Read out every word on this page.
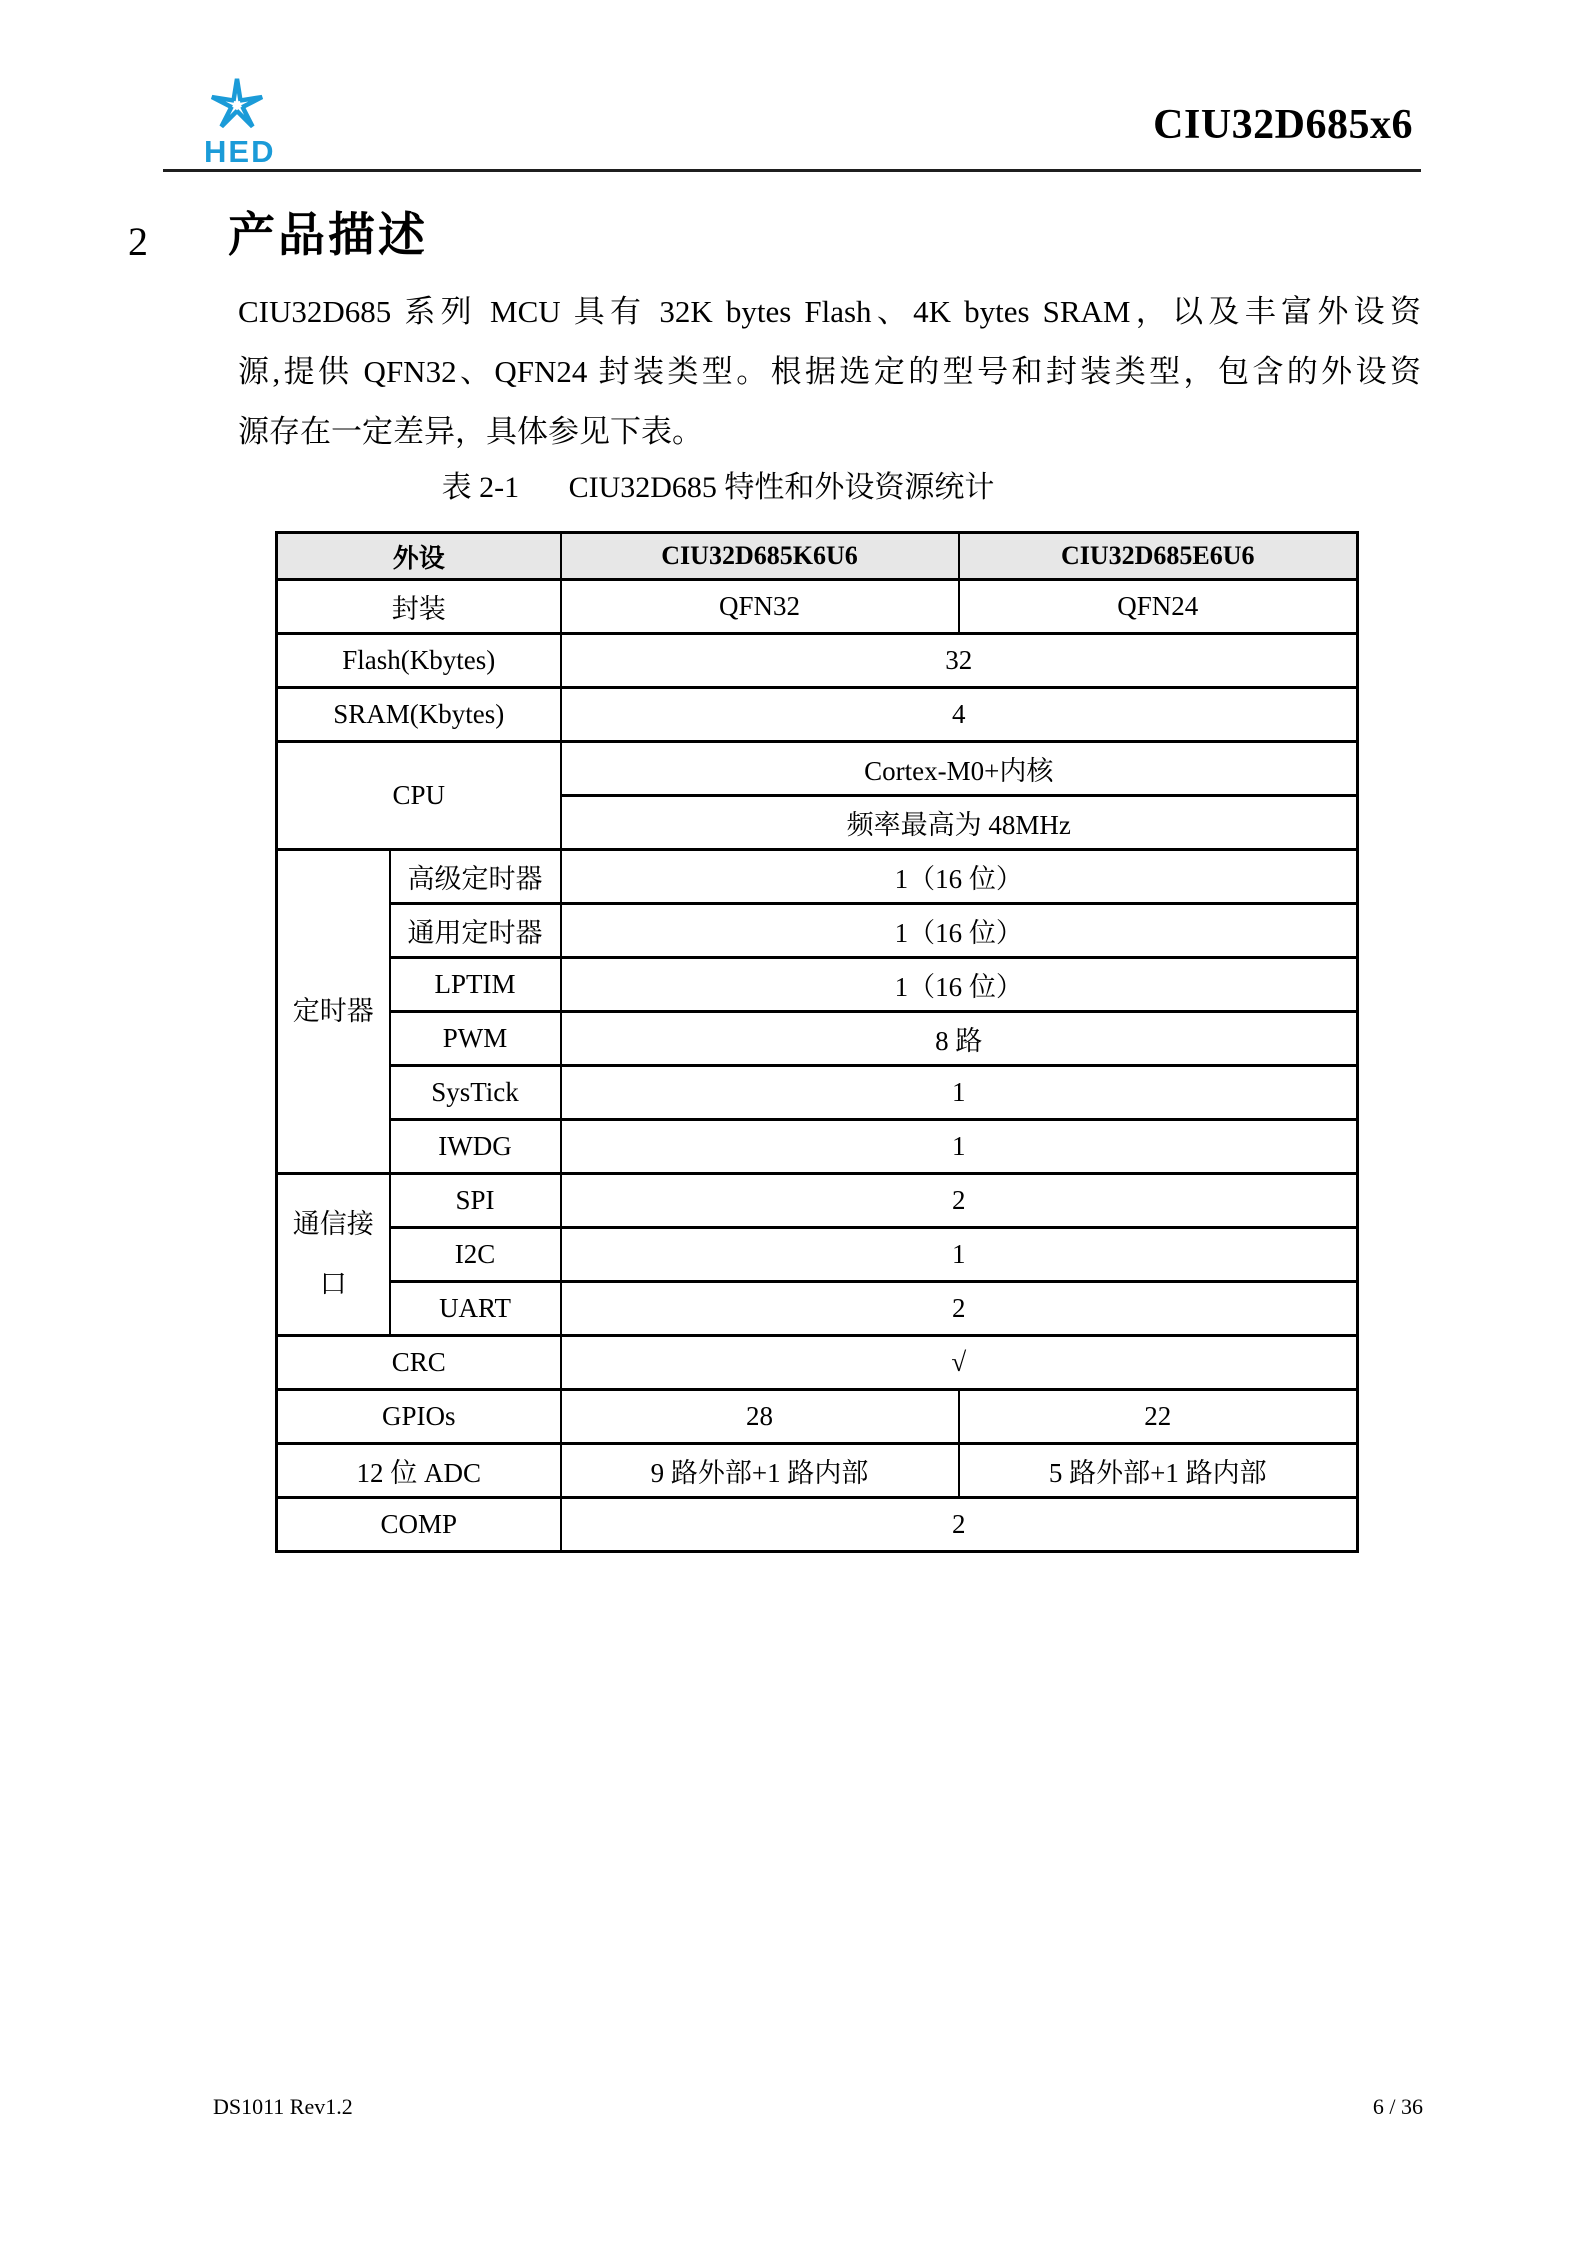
HED
CIU32D685x6
2 产品描述
CIU32D685 系列 MCU 具有 32K bytes Flash、4K bytes SRAM，以及丰富外设资
源,提供 QFN32、QFN24 封装类型。根据选定的型号和封装类型，包含的外设资
源存在一定差异，具体参见下表。
表 2-1 CIU32D685 特性和外设资源统计
外设		CIU32D685K6U6	CIU32D685E6U6
封装		QFN32	QFN24
Flash(Kbytes)		32	
SRAM(Kbytes)		4	
CPU		Cortex-M0+内核	
		频率最高为 48MHz	
定时器	高级定时器	1（16 位）	
	通用定时器	1（16 位）	
	LPTIM	1（16 位）	
	PWM	8 路	
	SysTick	1	
	IWDG	1	
通信接口	SPI	2	
	I2C	1	
	UART	2	
CRC		√	
GPIOs		28	22
12 位 ADC		9 路外部+1 路内部	5 路外部+1 路内部
COMP		2	
DS1011 Rev1.2	6 / 36
